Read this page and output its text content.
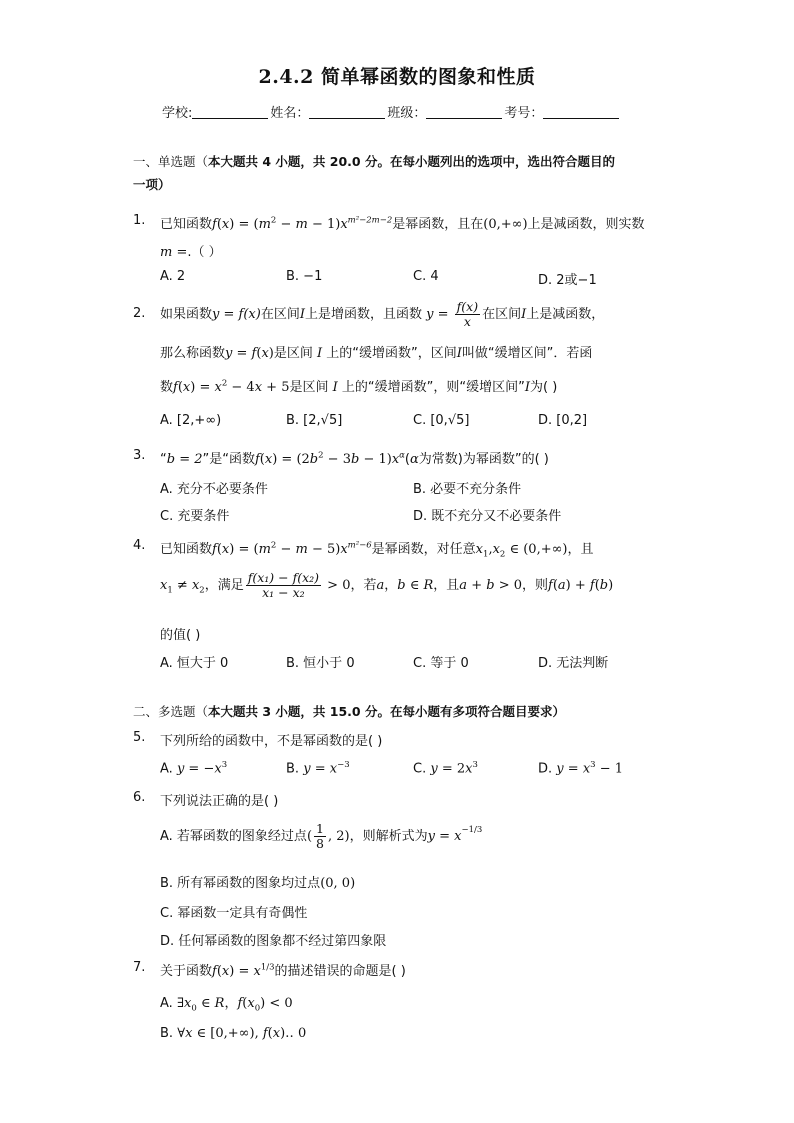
2.4.2 简单幂函数的图象和性质
学校:	姓名：	班级：	考号：
一、单选题（本大题共 4 小题，共 20.0 分。在每小题列出的选项中，选出符合题目的
一项）
1.	已知函数$f(x) = (m^2 - m - 1)x^{m^2-2m-2}$是幂函数，且在(0,+∞)上是减函数，则实数
m =.（ ）
A. 2	B. −1	C. 4	D. 2或−1
2.	如果函数y = f(x)在区间I上是增函数，且函数 $y = \frac{f(x)}{x}$ 在区间I上是减函数，
那么称函数y = f(x)是区间 I 上的“缓增函数”，区间I叫做“缓增区间”．若函
数$f(x) = x^2 - 4x + 5$是区间 I 上的“缓增函数”，则“缓增区间”I为( )
A. [2,+∞)	B. [2,√5]	C. [0,√5]	D. [0,2]
3.	“b = 2”是“函数$f(x) = (2b^2 - 3b - 1)x^\alpha(\alpha$为常数)为幂函数”的( )
A. 充分不必要条件	B. 必要不充分条件
C. 充要条件	D. 既不充分又不必要条件
4.	已知函数$f(x) = (m^2 - m - 5)x^{m^2-6}$是幂函数，对任意$x_1,x_2$ ∈ (0,+∞)，且
$x_1 \ne x_2$，满足 $\frac{\text{f(x₁) − f(x₂)}}{\text{x₁ − x₂}} > 0$，若a，b ∈ R，且a + b > 0，则f(a) + f(b)
的值( )
A. 恒大于 0	B. 恒小于 0	C. 等于 0	D. 无法判断
二、多选题（本大题共 3 小题，共 15.0 分。在每小题有多项符合题目要求）
5.	下列所给的函数中，不是幂函数的是( )
A. $y = -x^3$	B. $y = x^{-3}$	C. $y = 2x^3$	D. $y = x^3 - 1$
6.	下列说法正确的是( )
A. 若幂函数的图象经过点( $\frac{1}{8}$ , 2)，则解析式为$y = x^{-1/3}$
B. 所有幂函数的图象均过点(0, 0)
C. 幂函数一定具有奇偶性
D. 任何幂函数的图象都不经过第四象限
7.	关于函数$f(x) = x^{1/3}$的描述错误的命题是( )
A. $\exists x_0$ ∈ R，$f(x_0) < 0$
B. ∀x ∈ [0,+∞), f(x)‥ 0
